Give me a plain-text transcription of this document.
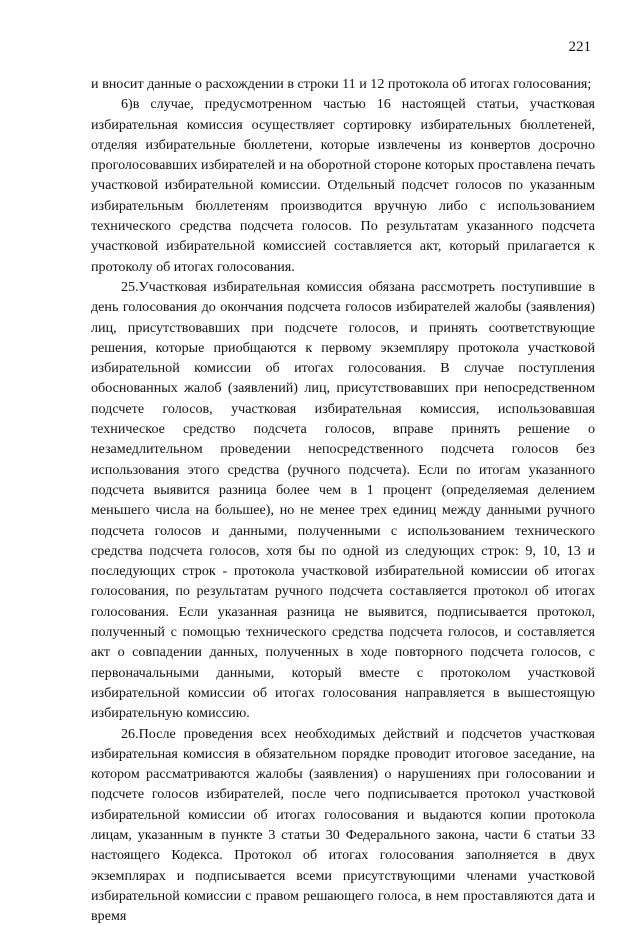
221

и вносит данные о расхождении в строки 11 и 12 протокола об итогах голосования;

6)в случае, предусмотренном частью 16 настоящей статьи, участковая избирательная комиссия осуществляет сортировку избирательных бюллетеней, отделяя избирательные бюллетени, которые извлечены из конвертов досрочно проголосовавших избирателей и на оборотной стороне которых проставлена печать участковой избирательной комиссии. Отдельный подсчет голосов по указанным избирательным бюллетеням производится вручную либо с использованием технического средства подсчета голосов. По результатам указанного подсчета участковой избирательной комиссией составляется акт, который прилагается к протоколу об итогах голосования.

25.Участковая избирательная комиссия обязана рассмотреть поступившие в день голосования до окончания подсчета голосов избирателей жалобы (заявления) лиц, присутствовавших при подсчете голосов, и принять соответствующие решения, которые приобщаются к первому экземпляру протокола участковой избирательной комиссии об итогах голосования. В случае поступления обоснованных жалоб (заявлений) лиц, присутствовавших при непосредственном подсчете голосов, участковая избирательная комиссия, использовавшая техническое средство подсчета голосов, вправе принять решение о незамедлительном проведении непосредственного подсчета голосов без использования этого средства (ручного подсчета). Если по итогам указанного подсчета выявится разница более чем в 1 процент (определяемая делением меньшего числа на большее), но не менее трех единиц между данными ручного подсчета голосов и данными, полученными с использованием технического средства подсчета голосов, хотя бы по одной из следующих строк: 9, 10, 13 и последующих строк - протокола участковой избирательной комиссии об итогах голосования, по результатам ручного подсчета составляется протокол об итогах голосования. Если указанная разница не выявится, подписывается протокол, полученный с помощью технического средства подсчета голосов, и составляется акт о совпадении данных, полученных в ходе повторного подсчета голосов, с первоначальными данными, который вместе с протоколом участковой избирательной комиссии об итогах голосования направляется в вышестоящую избирательную комиссию.

26.После проведения всех необходимых действий и подсчетов участковая избирательная комиссия в обязательном порядке проводит итоговое заседание, на котором рассматриваются жалобы (заявления) о нарушениях при голосовании и подсчете голосов избирателей, после чего подписывается протокол участковой избирательной комиссии об итогах голосования и выдаются копии протокола лицам, указанным в пункте 3 статьи 30 Федерального закона, части 6 статьи 33 настоящего Кодекса. Протокол об итогах голосования заполняется в двух экземплярах и подписывается всеми присутствующими членами участковой избирательной комиссии с правом решающего голоса, в нем проставляются дата и время
